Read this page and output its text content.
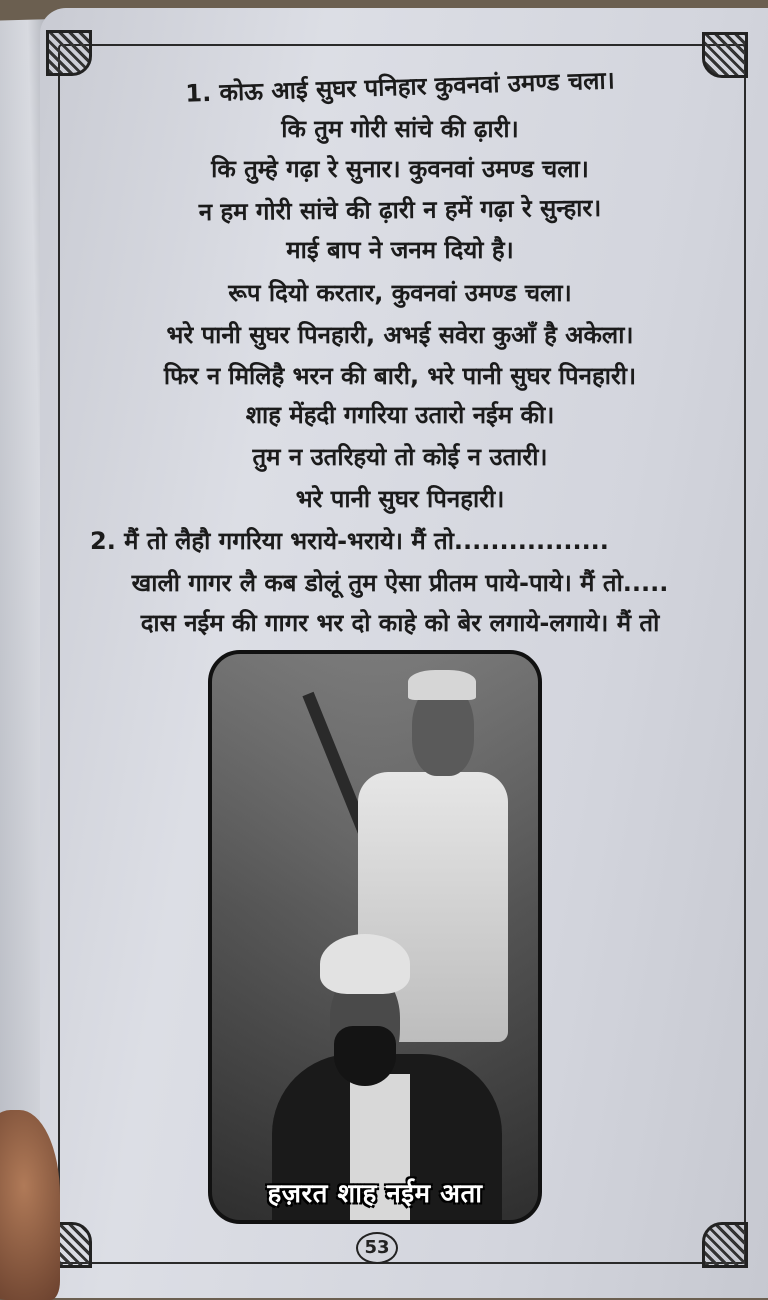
1. कोऊ आई सुघर पनिहार कुवनवां उमण्ड चला।
कि तुम गोरी सांचे की ढ़ारी।
कि तुम्हे गढ़ा रे सुनार। कुवनवां उमण्ड चला।
न हम गोरी सांचे की ढ़ारी न हमें गढ़ा रे सुन्हार।
माई बाप ने जनम दियो है।
रूप दियो करतार, कुवनवां उमण्ड चला।
भरे पानी सुघर पिनहारी, अभई सवेरा कुआँ है अकेला।
फिर न मिलिहै भरन की बारी, भरे पानी सुघर पिनहारी।
शाह मेंहदी गगरिया उतारो नईम की।
तुम न उतरिहयो तो कोई न उतारी।
भरे पानी सुघर पिनहारी।
2. मैं तो लैहौ गगरिया भराये-भराये। मैं तो.................
खाली गागर लै कब डोलूं तुम ऐसा प्रीतम पाये-पाये। मैं तो.....
दास नईम की गागर भर दो काहे को बेर लगाये-लगाये। मैं तो
हज़रत शाह नईम अता
53
